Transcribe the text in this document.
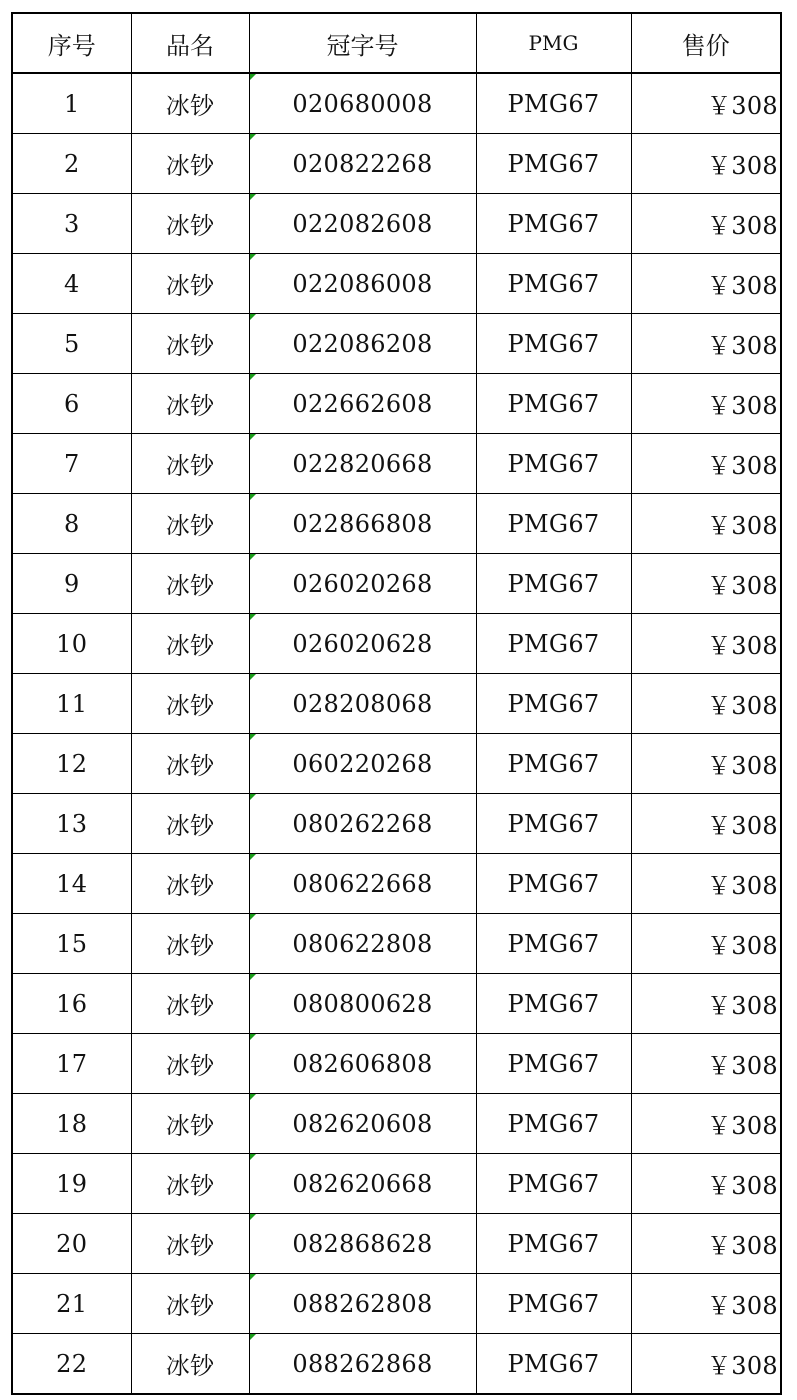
序号	品名	冠字号	PMG	售价
1	冰钞	020680008	PMG67	￥308
2	冰钞	020822268	PMG67	￥308
3	冰钞	022082608	PMG67	￥308
4	冰钞	022086008	PMG67	￥308
5	冰钞	022086208	PMG67	￥308
6	冰钞	022662608	PMG67	￥308
7	冰钞	022820668	PMG67	￥308
8	冰钞	022866808	PMG67	￥308
9	冰钞	026020268	PMG67	￥308
10	冰钞	026020628	PMG67	￥308
11	冰钞	028208068	PMG67	￥308
12	冰钞	060220268	PMG67	￥308
13	冰钞	080262268	PMG67	￥308
14	冰钞	080622668	PMG67	￥308
15	冰钞	080622808	PMG67	￥308
16	冰钞	080800628	PMG67	￥308
17	冰钞	082606808	PMG67	￥308
18	冰钞	082620608	PMG67	￥308
19	冰钞	082620668	PMG67	￥308
20	冰钞	082868628	PMG67	￥308
21	冰钞	088262808	PMG67	￥308
22	冰钞	088262868	PMG67	￥308
